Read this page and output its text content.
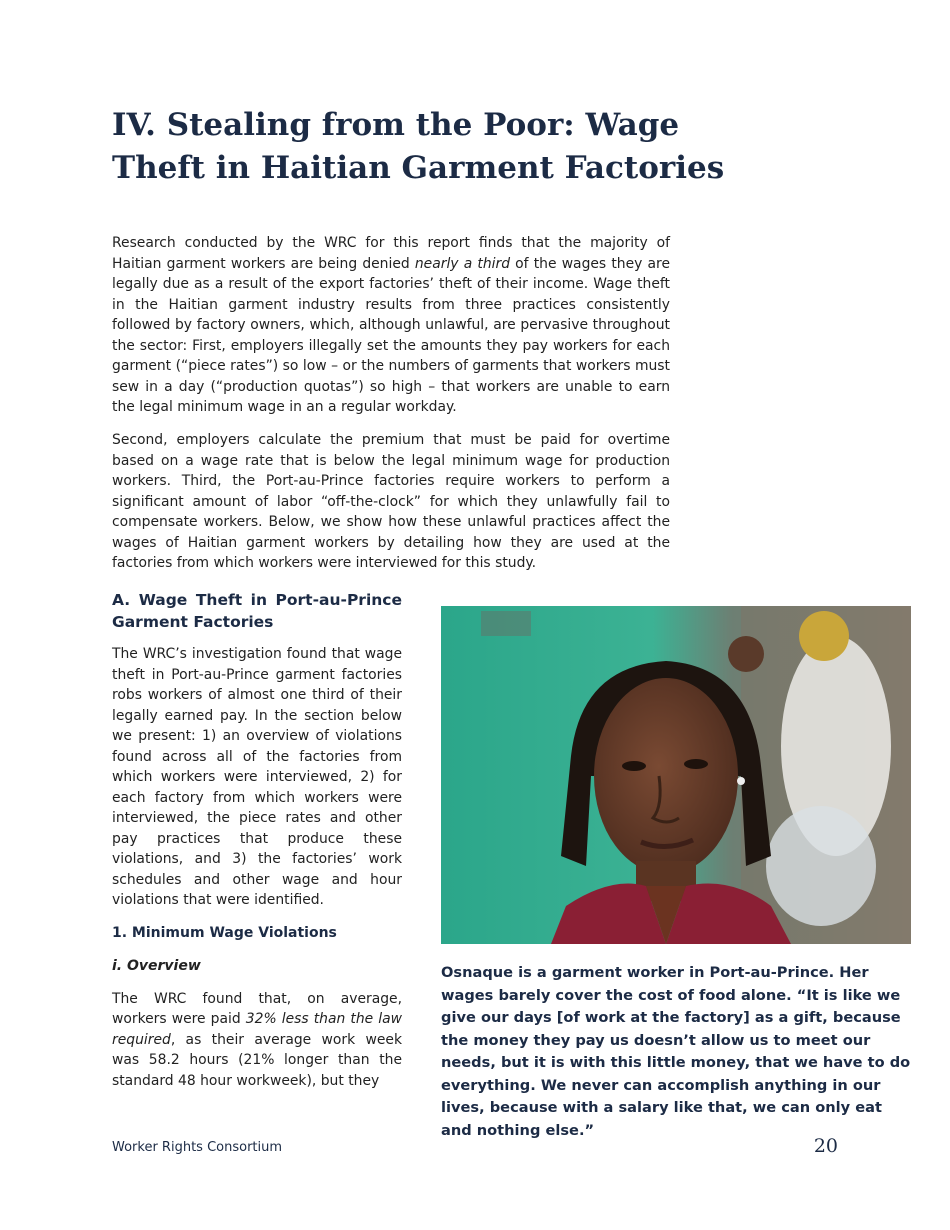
IV. Stealing from the Poor: Wage
Theft in Haitian Garment Factories

Research conducted by the WRC for this report finds that the majority of Haitian garment workers are being denied nearly a third of the wages they are legally due as a result of the export factories’ theft of their income. Wage theft in the Haitian garment industry results from three practices consistently followed by factory owners, which, although unlawful, are pervasive throughout the sector: First, employers illegally set the amounts they pay workers for each garment (“piece rates”) so low – or the numbers of garments that workers must sew in a day (“production quotas”) so high – that workers are unable to earn the legal minimum wage in an a regular workday.

Second, employers calculate the premium that must be paid for overtime based on a wage rate that is below the legal minimum wage for production workers. Third, the Port-au-Prince factories require workers to perform a significant amount of labor “off-the-clock” for which they unlawfully fail to compensate workers. Below, we show how these unlawful practices affect the wages of Haitian garment workers by detailing how they are used at the factories from which workers were interviewed for this study.

A. Wage Theft in Port-au-Prince Garment Factories

The WRC’s investigation found that wage theft in Port-au-Prince garment factories robs workers of almost one third of their legally earned pay. In the section below we present: 1) an overview of violations found across all of the factories from which workers were interviewed, 2) for each factory from which workers were interviewed, the piece rates and other pay practices that produce these violations, and 3) the factories’ work schedules and other wage and hour violations that were identified.

1. Minimum Wage Violations
i. Overview

The WRC found that, on average, workers were paid 32% less than the law required, as their average work week was 58.2 hours (21% longer than the standard 48 hour workweek), but they

Osnaque is a garment worker in Port-au-Prince. Her wages barely cover the cost of food alone. “It is like we give our days [of work at the factory] as a gift, because the money they pay us doesn’t allow us to meet our needs, but it is with this little money, that we have to do everything. We never can accomplish anything in our lives, because with a salary like that, we can only eat and nothing else.”

Worker Rights Consortium	20
